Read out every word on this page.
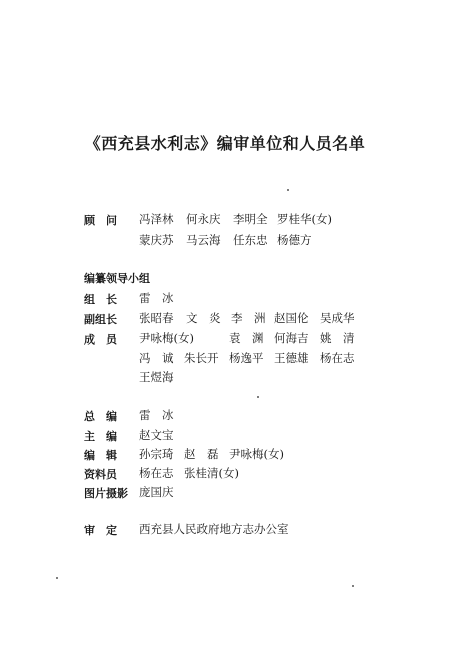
《西充县水利志》编审单位和人员名单
顾　问 冯泽林 何永庆 李明全 罗桂华(女)
蒙庆苏 马云海 任东忠 杨德方
编纂领导小组
组　长 雷　冰
副组长 张昭春 文　炎 李　洲 赵国伦 吴成华
成　员 尹咏梅(女)	袁　渊 何海吉 姚　清
冯　诚 朱长开 杨逸平 王德雄 杨在志
王煜海
总　编 雷　冰
主　编 赵文宝
编　辑 孙宗琦 赵　磊 尹咏梅(女)
资料员 杨在志 张桂清(女)
图片摄影 庞国庆
审　定 西充县人民政府地方志办公室
